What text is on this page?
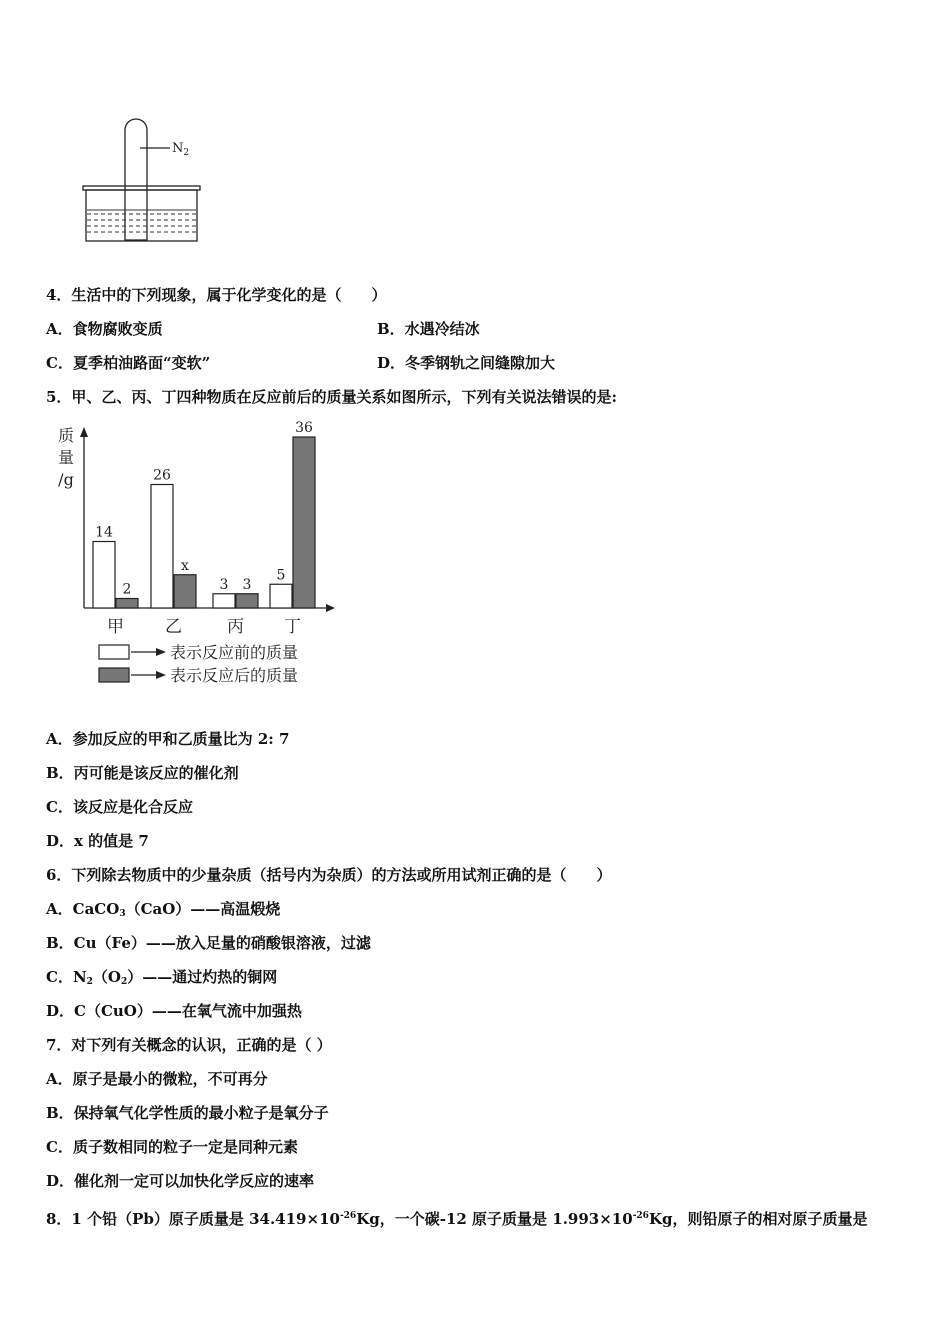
$N_2$
4．生活中的下列现象，属于化学变化的是（　　）
A．食物腐败变质	B．水遇冷结冰
C．夏季柏油路面“变软”	D．冬季钢轨之间缝隙加大
5．甲、乙、丙、丁四种物质在反应前后的质量关系如图所示，下列有关说法错误的是:
质
量
/g
14
2
甲
26
x
乙
3 3
丙
5
36
丁
表示反应前的质量
表示反应后的质量
A．参加反应的甲和乙质量比为 2: 7
B．丙可能是该反应的催化剂
C．该反应是化合反应
D．x 的值是 7
6．下列除去物质中的少量杂质（括号内为杂质）的方法或所用试剂正确的是（　　）
A．CaCO$_3$（CaO）——高温煅烧
B．Cu（Fe）——放入足量的硝酸银溶液，过滤
C．$N_2(O_2)——$通过灼热的铜网
D．C（CuO）——在氧气流中加强热
7．对下列有关概念的认识，正确的是（ ）
A．原子是最小的微粒，不可再分
B．保持氧气化学性质的最小粒子是氧分子
C．质子数相同的粒子一定是同种元素
D．催化剂一定可以加快化学反应的速率
8．1 个铅（Pb）原子质量是 $34.419\times 10^{-26}Kg$，一个碳-12 原子质量是 $1.993\times 10^{-26}Kg$，则铅原子的相对原子质量是
